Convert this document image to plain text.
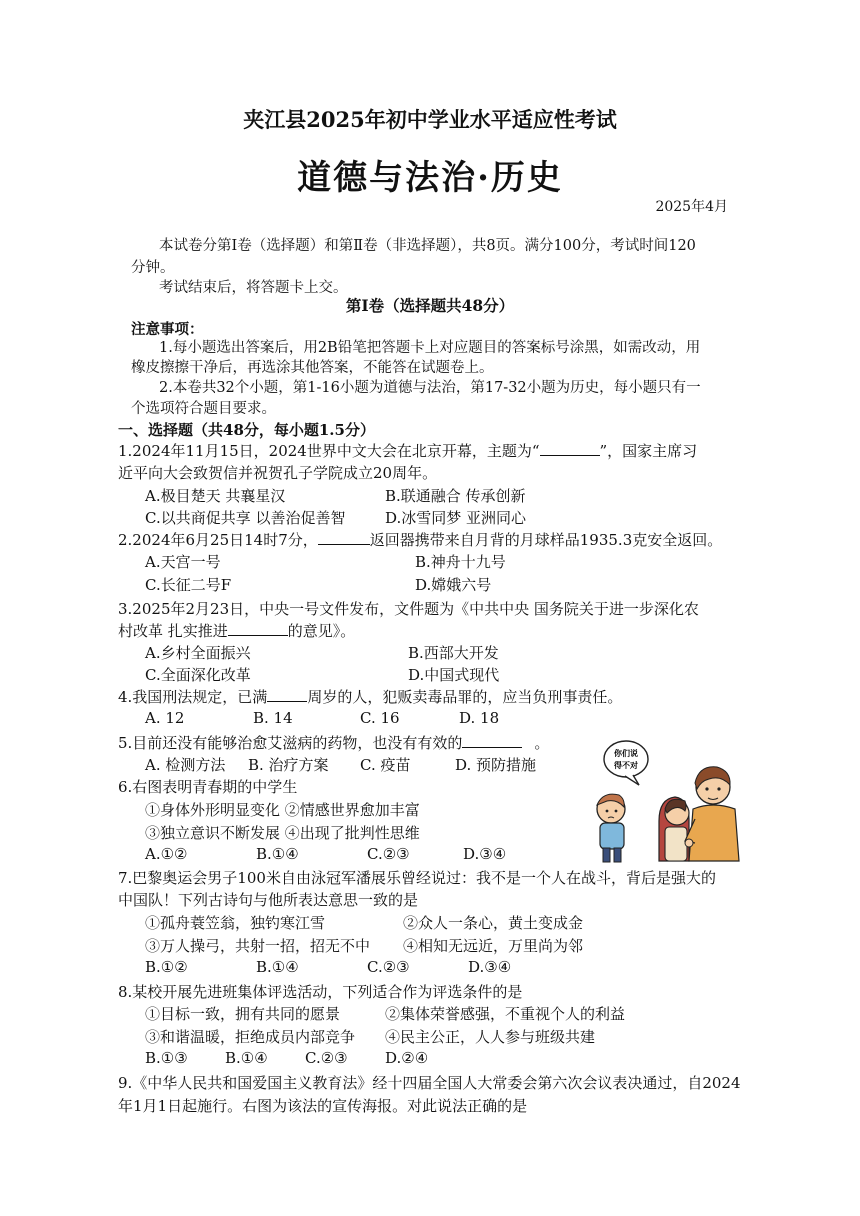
夹江县2025年初中学业水平适应性考试
道德与法治·历史
2025年4月
本试卷分第Ⅰ卷（选择题）和第Ⅱ卷（非选择题），共8页。满分100分，考试时间120
分钟。
考试结束后，将答题卡上交。
第Ⅰ卷（选择题共48分）
注意事项：
1.每小题选出答案后，用2B铅笔把答题卡上对应题目的答案标号涂黑，如需改动，用
橡皮擦擦干净后，再选涂其他答案，不能答在试题卷上。
2.本卷共32个小题，第1-16小题为道德与法治，第17-32小题为历史，每小题只有一
个选项符合题目要求。
一、选择题（共48分，每小题1.5分）
1.2024年11月15日，2024世界中文大会在北京开幕，主题为“	”，国家主席习
近平向大会致贺信并祝贺孔子学院成立20周年。
A.极目楚天 共襄星汉	B.联通融合 传承创新
C.以共商促共享 以善治促善智	D.冰雪同梦 亚洲同心
2.2024年6月25日14时7分，	返回器携带来自月背的月球样品1935.3克安全返回。
A.天宫一号	B.神舟十九号
C.长征二号F	D.嫦娥六号
3.2025年2月23日，中央一号文件发布，文件题为《中共中央 国务院关于进一步深化农
村改革 扎实推进	的意见》。
A.乡村全面振兴	B.西部大开发
C.全面深化改革	D.中国式现代
4.我国刑法规定，已满	周岁的人，犯贩卖毒品罪的，应当负刑事责任。
A. 12	B. 14	C. 16	D. 18
5.目前还没有能够治愈艾滋病的药物，也没有有效的	。
A. 检测方法 B. 治疗方案 C. 疫苗	D. 预防措施
6.右图表明青春期的中学生
①身体外形明显变化 ②情感世界愈加丰富
③独立意识不断发展 ④出现了批判性思维
A.①②	B.①④	C.②③	D.③④
你们说
得不对
7.巴黎奥运会男子100米自由泳冠军潘展乐曾经说过：我不是一个人在战斗，背后是强大的
中国队！下列古诗句与他所表达意思一致的是
①孤舟蓑笠翁，独钓寒江雪	②众人一条心，黄土变成金
③万人操弓，共射一招，招无不中 ④相知无远近，万里尚为邻
B.①②	B.①④	C.②③	D.③④
8.某校开展先进班集体评选活动，下列适合作为评选条件的是
①目标一致，拥有共同的愿景	②集体荣誉感强，不重视个人的利益
③和谐温暖，拒绝成员内部竞争 ④民主公正，人人参与班级共建
B.①③ B.①④ C.②③ D.②④
9.《中华人民共和国爱国主义教育法》经十四届全国人大常委会第六次会议表决通过，自2024
年1月1日起施行。右图为该法的宣传海报。对此说法正确的是
